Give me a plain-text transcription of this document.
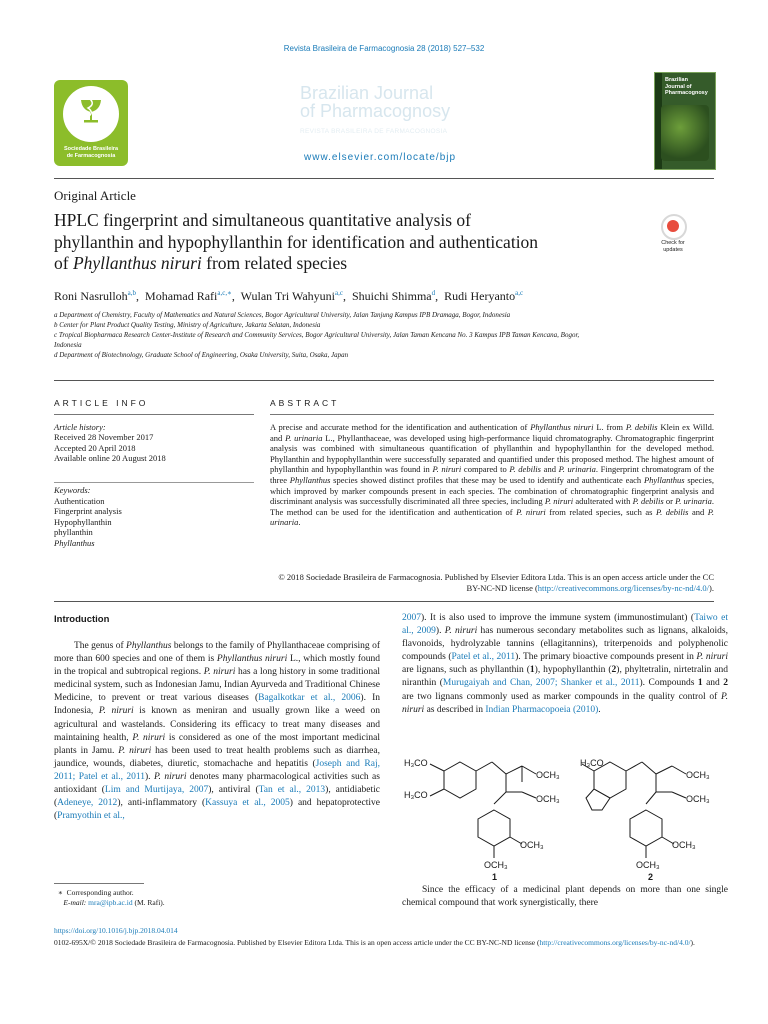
Revista Brasileira de Farmacognosia 28 (2018) 527–532
Sociedade Brasileira
de Farmacognosia
Brazilian Journal
of Pharmacognosy
REVISTA BRASILEIRA DE FARMACOGNOSIA
www.elsevier.com/locate/bjp
Brazilian
Journal of
Pharmacognosy
Original Article
HPLC fingerprint and simultaneous quantitative analysis of
phyllanthin and hypophyllanthin for identification and authentication
of Phyllanthus niruri from related species
Check for
updates
Roni Nasrulloh$^{a,b}$,  Mohamad Rafi$^{a,c,∗}$,  Wulan Tri Wahyuni$^{a,c}$,  Shuichi Shimma$^d$,  Rudi Heryanto$^{a,c}$
a Department of Chemistry, Faculty of Mathematics and Natural Sciences, Bogor Agricultural University, Jalan Tanjung Kampus IPB Dramaga, Bogor, Indonesia
b Center for Plant Product Quality Testing, Ministry of Agriculture, Jakarta Selatan, Indonesia
c Tropical Biopharmaca Research Center-Institute of Research and Community Services, Bogor Agricultural University, Jalan Taman Kencana No. 3 Kampus IPB Taman Kencana, Bogor,
Indonesia
d Department of Biotechnology, Graduate School of Engineering, Osaka University, Suita, Osaka, Japan
ARTICLE INFO	ABSTRACT
Article history:
Received 28 November 2017
Accepted 20 April 2018
Available online 20 August 2018
Keywords:
Authentication
Fingerprint analysis
Hypophyllanthin
phyllanthin
Phyllanthus
A precise and accurate method for the identification and authentication of Phyllanthus niruri L. from P. debilis Klein ex Willd. and P. urinaria L., Phyllanthaceae, was developed using high-performance liquid chromatography. Chromatographic fingerprint analysis was combined with simultaneous quantification of phyllanthin and hypophyllanthin for the developed method. Phyllanthin and hypophyllanthin were successfully separated and quantified under this proposed method. The highest amount of phyllanthin and hypophyllanthin was found in P. niruri compared to P. debilis and P. urinaria. Fingerprint chromatogram of the three Phyllanthus species showed distinct profiles that these may be used to identify and authenticate each Phyllanthus species, which improved by marker compounds present in each species. The combination of chromatographic fingerprint analysis and discriminant analysis was successfully discriminated all three species, including P. niruri adulterated with P. debilis or P. urinaria. The method can be used for the identification and authentication of P. niruri from related species, such as P. debilis and P. urinaria.
© 2018 Sociedade Brasileira de Farmacognosia. Published by Elsevier Editora Ltda. This is an open access article under the CC BY-NC-ND license (http://creativecommons.org/licenses/by-nc-nd/4.0/).
Introduction
The genus of Phyllanthus belongs to the family of Phyllanthaceae comprising of more than 600 species and one of them is Phyllanthus niruri L., which mostly found in the tropical and subtropical regions. P. niruri has a long history in some traditional medicinal system, such as Indonesian Jamu, Indian Ayurveda and Traditional Chinese Medicine, to prevent or treat various diseases (Bagalkotkar et al., 2006). In Indonesia, P. niruri is known as meniran and usually grown like a weed on agricultural and wastelands. Considering its efficacy to treat many diseases and maintaining health, P. niruri is considered as one of the most important medicinal plants in Jamu. P. niruri has been used to treat health problems such as diarrhea, jaundice, wounds, diabetes, diuretic, stomachache and hepatitis (Joseph and Raj, 2011; Patel et al., 2011). P. niruri denotes many pharmacological activities such as antioxidant (Lim and Murtijaya, 2007), antiviral (Tan et al., 2013), antidiabetic (Adeneye, 2012), anti-inflammatory (Kassuya et al., 2005) and hepatoprotective (Pramyothin et al.,
2007). It is also used to improve the immune system (immunostimulant) (Taiwo et al., 2009). P. niruri has numerous secondary metabolites such as lignans, alkaloids, flavonoids, hydrolyzable tannins (ellagitannins), triterpenoids and polyphenolic compounds (Patel et al., 2011). The primary bioactive compounds present in P. niruri are lignans, such as phyllanthin (1), hypophyllanthin (2), phyltetralin, nirtetralin and niranthin (Murugaiyah and Chan, 2007; Shanker et al., 2011). Compounds 1 and 2 are two lignans commonly used as marker compounds in the quality control of P. niruri as described in Indian Pharmacopoeia (2010).
H₃CO
H₃CO
OCH₃
OCH₃
OCH₃
OCH₃
H₃CO
OCH₃
OCH₃
OCH₃
OCH₃
1	2
Since the efficacy of a medicinal plant depends on more than one single chemical compound that work synergistically, there
∗ Corresponding author.
E-mail: mra@ipb.ac.id (M. Rafi).
https://doi.org/10.1016/j.bjp.2018.04.014
0102-695X/© 2018 Sociedade Brasileira de Farmacognosia. Published by Elsevier Editora Ltda. This is an open access article under the CC BY-NC-ND license (http://creativecommons.org/licenses/by-nc-nd/4.0/).
